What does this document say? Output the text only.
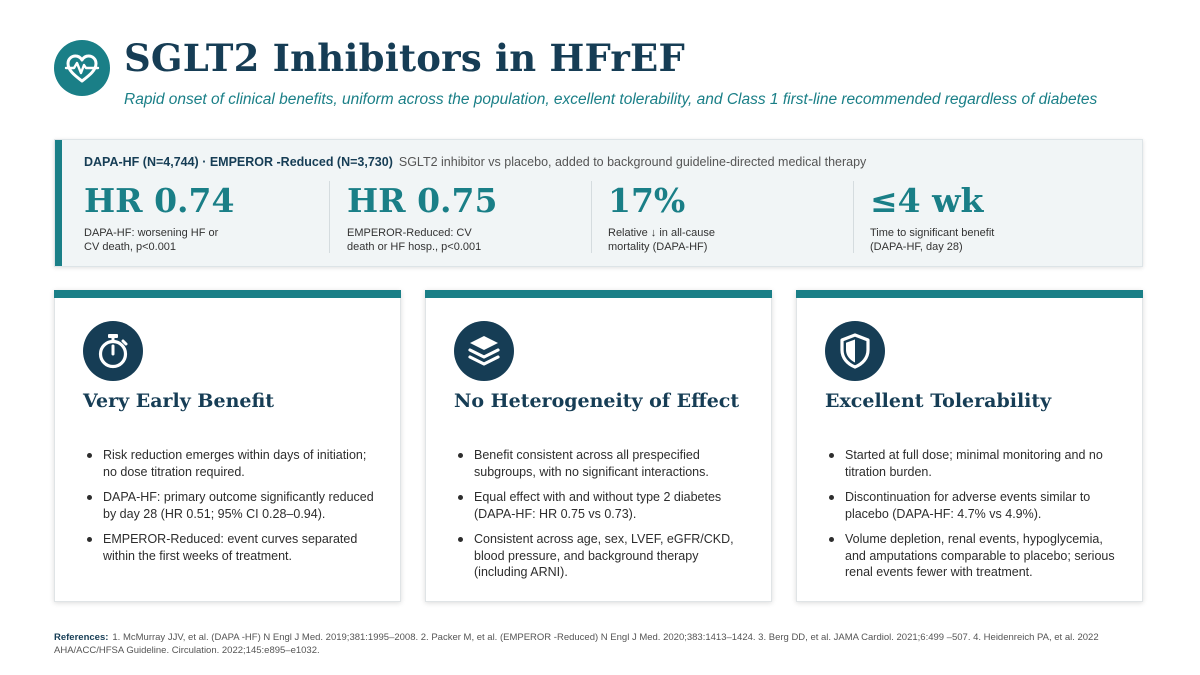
SGLT2 Inhibitors in HFrEF
Rapid onset of clinical benefits, uniform across the population, excellent tolerability, and Class 1 first-line recommended regardless of diabetes
DAPA-HF (N=4,744) · EMPEROR -Reduced (N=3,730) SGLT2 inhibitor vs placebo, added to background guideline-directed medical therapy
HR 0.74
DAPA-HF: worsening HF or CV death, p<0.001
HR 0.75
EMPEROR-Reduced: CV death or HF hosp., p<0.001
17%
Relative ↓ in all-cause mortality (DAPA-HF)
≤4 wk
Time to significant benefit (DAPA-HF, day 28)
Very Early Benefit
Risk reduction emerges within days of initiation; no dose titration required.
DAPA-HF: primary outcome significantly reduced by day 28 (HR 0.51; 95% CI 0.28–0.94).
EMPEROR-Reduced: event curves separated within the first weeks of treatment.
No Heterogeneity of Effect
Benefit consistent across all prespecified subgroups, with no significant interactions.
Equal effect with and without type 2 diabetes (DAPA-HF: HR 0.75 vs 0.73).
Consistent across age, sex, LVEF, eGFR/CKD, blood pressure, and background therapy (including ARNI).
Excellent Tolerability
Started at full dose; minimal monitoring and no titration burden.
Discontinuation for adverse events similar to placebo (DAPA-HF: 4.7% vs 4.9%).
Volume depletion, renal events, hypoglycemia, and amputations comparable to placebo; serious renal events fewer with treatment.
References: 1. McMurray JJV, et al. (DAPA -HF) N Engl J Med. 2019;381:1995–2008. 2. Packer M, et al. (EMPEROR -Reduced) N Engl J Med. 2020;383:1413–1424. 3. Berg DD, et al. JAMA Cardiol. 2021;6:499 –507. 4. Heidenreich PA, et al. 2022 AHA/ACC/HFSA Guideline. Circulation. 2022;145:e895–e1032.
